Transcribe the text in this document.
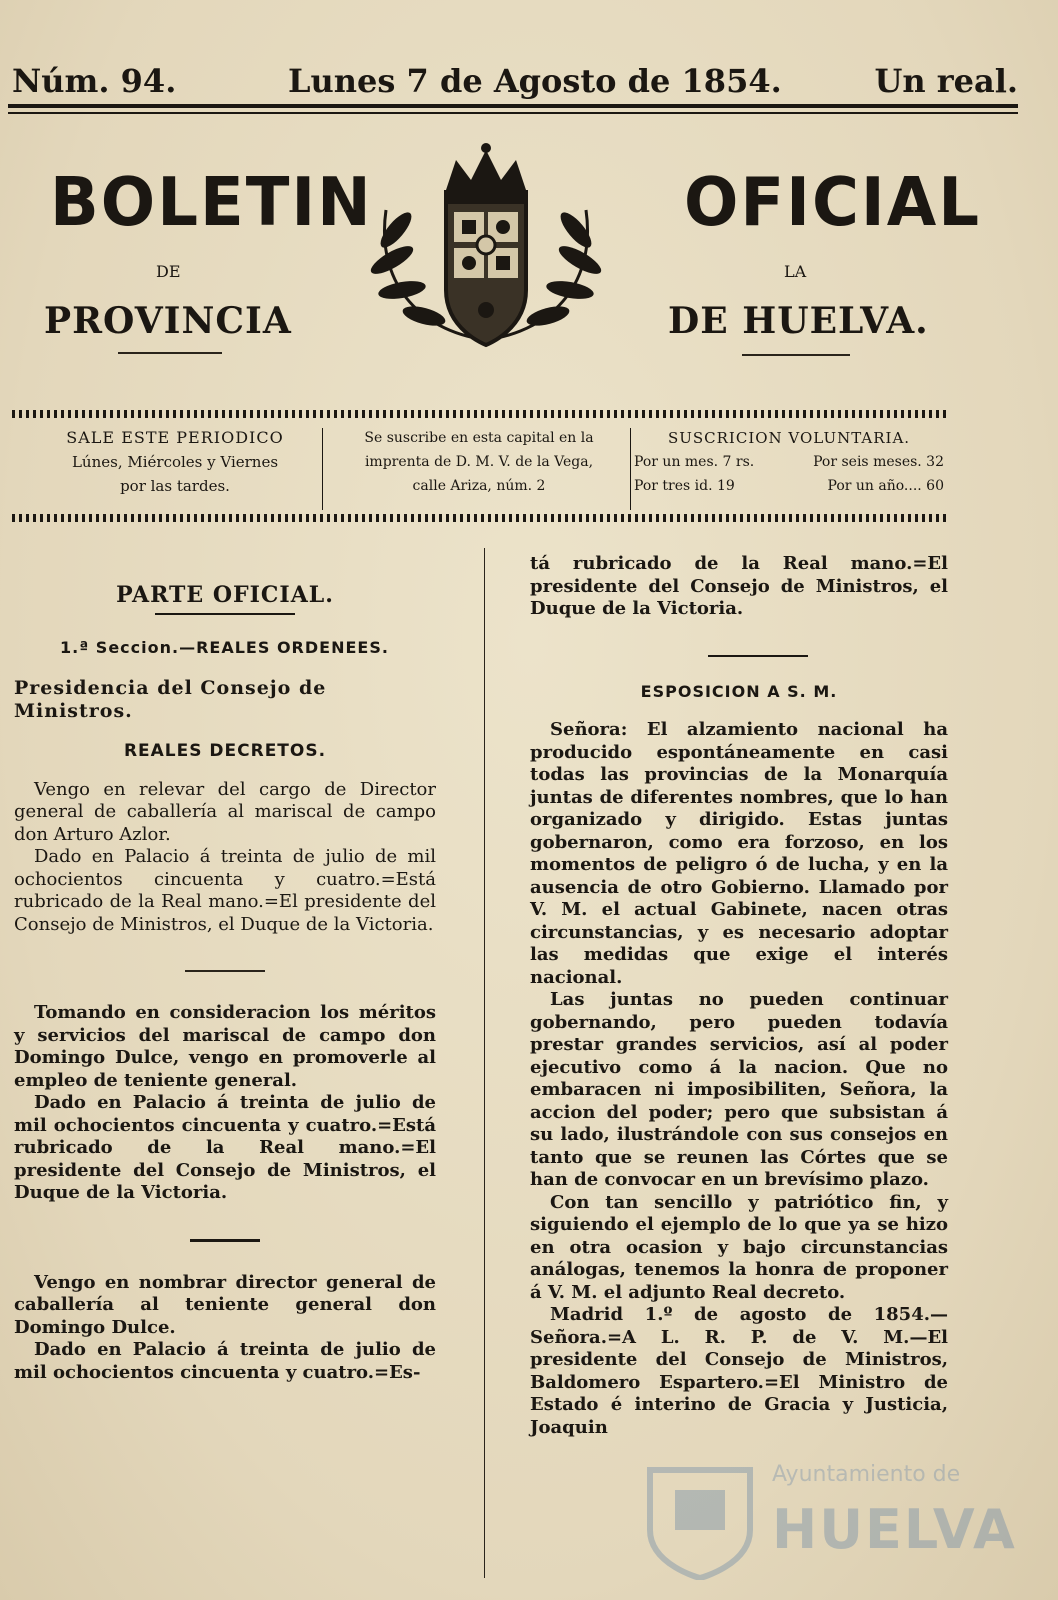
Núm. 94.	Lunes 7 de Agosto de 1854.	Un real.
BOLETIN	OFICIAL
DE	LA
PROVINCIA	DE HUELVA.
SALE ESTE PERIODICO
Lúnes, Miércoles y Viernes
por las tardes.
Se suscribe en esta capital en la
imprenta de D. M. V. de la Vega,
calle Ariza, núm. 2
SUSCRICION VOLUNTARIA.
Por un mes. 7 rs.	Por seis meses. 32
Por tres id. 19	Por un año.... 60
PARTE OFICIAL.
1.ª Seccion.—REALES ORDENEES.
Presidencia del Consejo de Ministros.
REALES DECRETOS.

Vengo en relevar del cargo de Director general de caballería al mariscal de campo don Arturo Azlor.

Dado en Palacio á treinta de julio de mil ochocientos cincuenta y cuatro.=Está rubricado de la Real mano.=El presidente del Consejo de Ministros, el Duque de la Victoria.

Tomando en consideracion los méritos y servicios del mariscal de campo don Domingo Dulce, vengo en promoverle al empleo de teniente general.

Dado en Palacio á treinta de julio de mil ochocientos cincuenta y cuatro.=Está rubricado de la Real mano.=El presidente del Consejo de Ministros, el Duque de la Victoria.

Vengo en nombrar director general de caballería al teniente general don Domingo Dulce.

Dado en Palacio á treinta de julio de mil ochocientos cincuenta y cuatro.=Es-

tá rubricado de la Real mano.=El presidente del Consejo de Ministros, el Duque de la Victoria.

ESPOSICION A S. M.

Señora: El alzamiento nacional ha producido espontáneamente en casi todas las provincias de la Monarquía juntas de diferentes nombres, que lo han organizado y dirigido. Estas juntas gobernaron, como era forzoso, en los momentos de peligro ó de lucha, y en la ausencia de otro Gobierno. Llamado por V. M. el actual Gabinete, nacen otras circunstancias, y es necesario adoptar las medidas que exige el interés nacional.

Las juntas no pueden continuar gobernando, pero pueden todavía prestar grandes servicios, así al poder ejecutivo como á la nacion. Que no embaracen ni imposibiliten, Señora, la accion del poder; pero que subsistan á su lado, ilustrándole con sus consejos en tanto que se reunen las Córtes que se han de convocar en un brevísimo plazo.

Con tan sencillo y patriótico fin, y siguiendo el ejemplo de lo que ya se hizo en otra ocasion y bajo circunstancias análogas, tenemos la honra de proponer á V. M. el adjunto Real decreto.

Madrid 1.º de agosto de 1854.—Señora.=A L. R. P. de V. M.—El presidente del Consejo de Ministros, Baldomero Espartero.=El Ministro de Estado é interino de Gracia y Justicia, Joaquin

Ayuntamiento de
HUELVA
